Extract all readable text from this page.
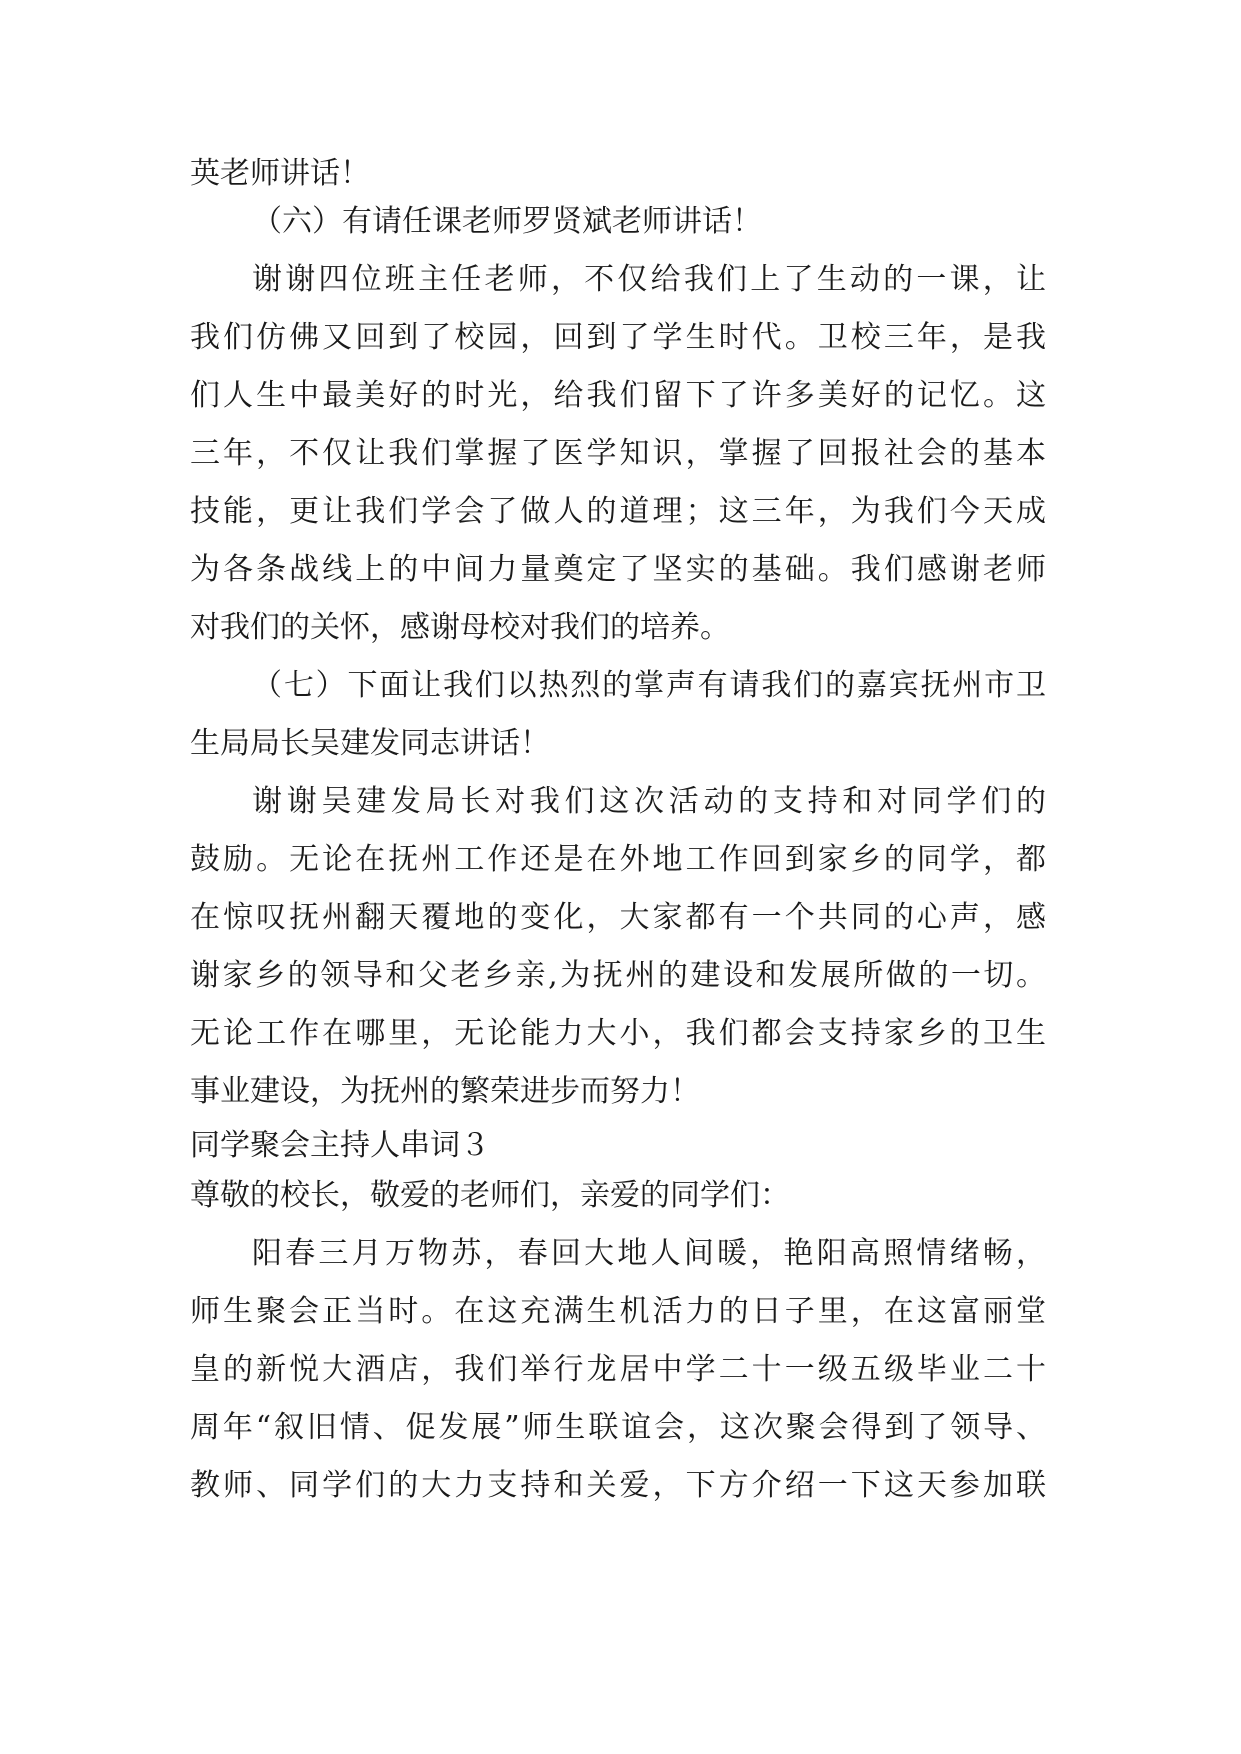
英老师讲话！

（六）有请任课老师罗贤斌老师讲话！

谢谢四位班主任老师，不仅给我们上了生动的一课，让

我们仿佛又回到了校园，回到了学生时代。卫校三年，是我

们人生中最美好的时光，给我们留下了许多美好的记忆。这

三年，不仅让我们掌握了医学知识，掌握了回报社会的基本

技能，更让我们学会了做人的道理；这三年，为我们今天成

为各条战线上的中间力量奠定了坚实的基础。我们感谢老师

对我们的关怀，感谢母校对我们的培养。

（七）下面让我们以热烈的掌声有请我们的嘉宾抚州市卫

生局局长吴建发同志讲话！

谢谢吴建发局长对我们这次活动的支持和对同学们的

鼓励。无论在抚州工作还是在外地工作回到家乡的同学，都

在惊叹抚州翻天覆地的变化，大家都有一个共同的心声，感

谢家乡的领导和父老乡亲,为抚州的建设和发展所做的一切。

无论工作在哪里，无论能力大小，我们都会支持家乡的卫生

事业建设，为抚州的繁荣进步而努力！

同学聚会主持人串词３

尊敬的校长，敬爱的老师们，亲爱的同学们：

阳春三月万物苏，春回大地人间暖，艳阳高照情绪畅，

师生聚会正当时。在这充满生机活力的日子里，在这富丽堂

皇的新悦大酒店，我们举行龙居中学二十一级五级毕业二十

周年“叙旧情、促发展”师生联谊会，这次聚会得到了领导、

教师、同学们的大力支持和关爱，下方介绍一下这天参加联
